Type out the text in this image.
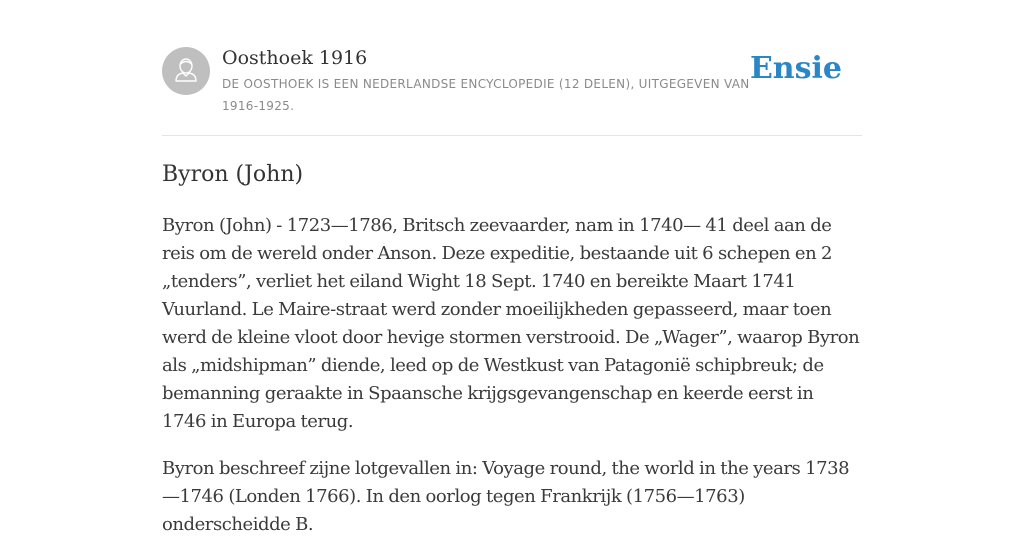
Oosthoek 1916
DE OOSTHOEK IS EEN NEDERLANDSE ENCYCLOPEDIE (12 DELEN), UITGEGEVEN VAN 1916-1925.
Ensie
Byron (John)

Byron (John) - 1723—1786, Britsch zeevaarder, nam in 1740— 41 deel aan de reis om de wereld onder Anson. Deze expeditie, bestaande uit 6 schepen en 2 „tenders”, verliet het eiland Wight 18 Sept. 1740 en bereikte Maart 1741 Vuurland. Le Maire-straat werd zonder moeilijkheden gepasseerd, maar toen werd de kleine vloot door hevige stormen verstrooid. De „Wager”, waarop Byron als „midshipman” diende, leed op de Westkust van Patagonië schipbreuk; de bemanning geraakte in Spaansche krijgsgevangenschap en keerde eerst in 1746 in Europa terug.

Byron beschreef zijne lotgevallen in: Voyage round, the world in the years 1738—1746 (Londen 1766). In den oorlog tegen Frankrijk (1756—1763) onderscheidde B.
